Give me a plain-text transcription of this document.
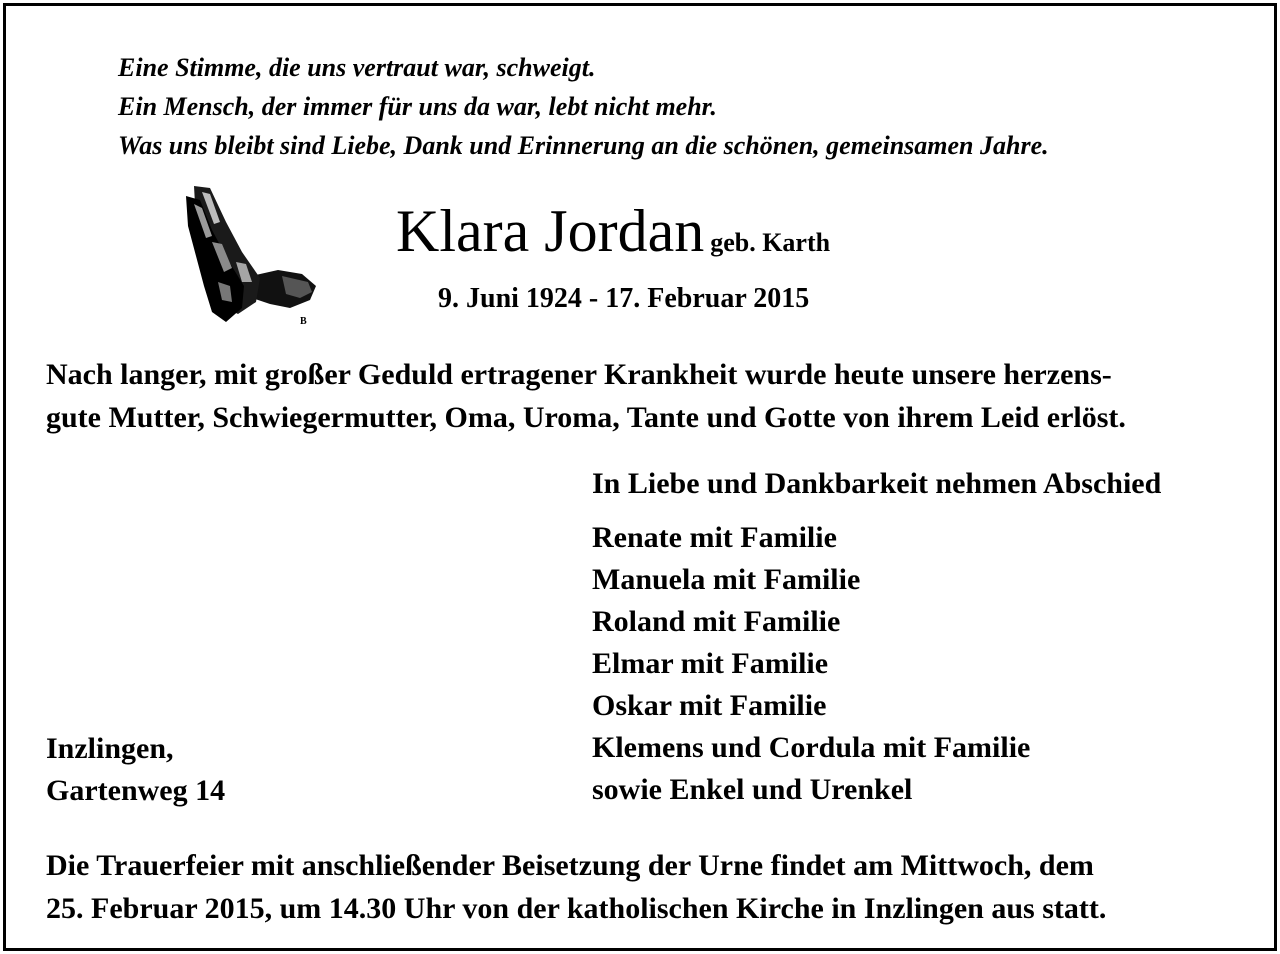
Eine Stimme, die uns vertraut war, schweigt.
Ein Mensch, der immer für uns da war, lebt nicht mehr.
Was uns bleibt sind Liebe, Dank und Erinnerung an die schönen, gemeinsamen Jahre.
B
Klara Jordan geb. Karth
9. Juni 1924 - 17. Februar 2015
Nach langer, mit großer Geduld ertragener Krankheit wurde heute unsere herzens-
gute Mutter, Schwiegermutter, Oma, Uroma, Tante und Gotte von ihrem Leid erlöst.
In Liebe und Dankbarkeit nehmen Abschied
Renate mit Familie
Manuela mit Familie
Roland mit Familie
Elmar mit Familie
Oskar mit Familie
Klemens und Cordula mit Familie
sowie Enkel und Urenkel
Inzlingen,
Gartenweg 14
Die Trauerfeier mit anschließender Beisetzung der Urne findet am Mittwoch, dem
25. Februar 2015, um 14.30 Uhr von der katholischen Kirche in Inzlingen aus statt.
